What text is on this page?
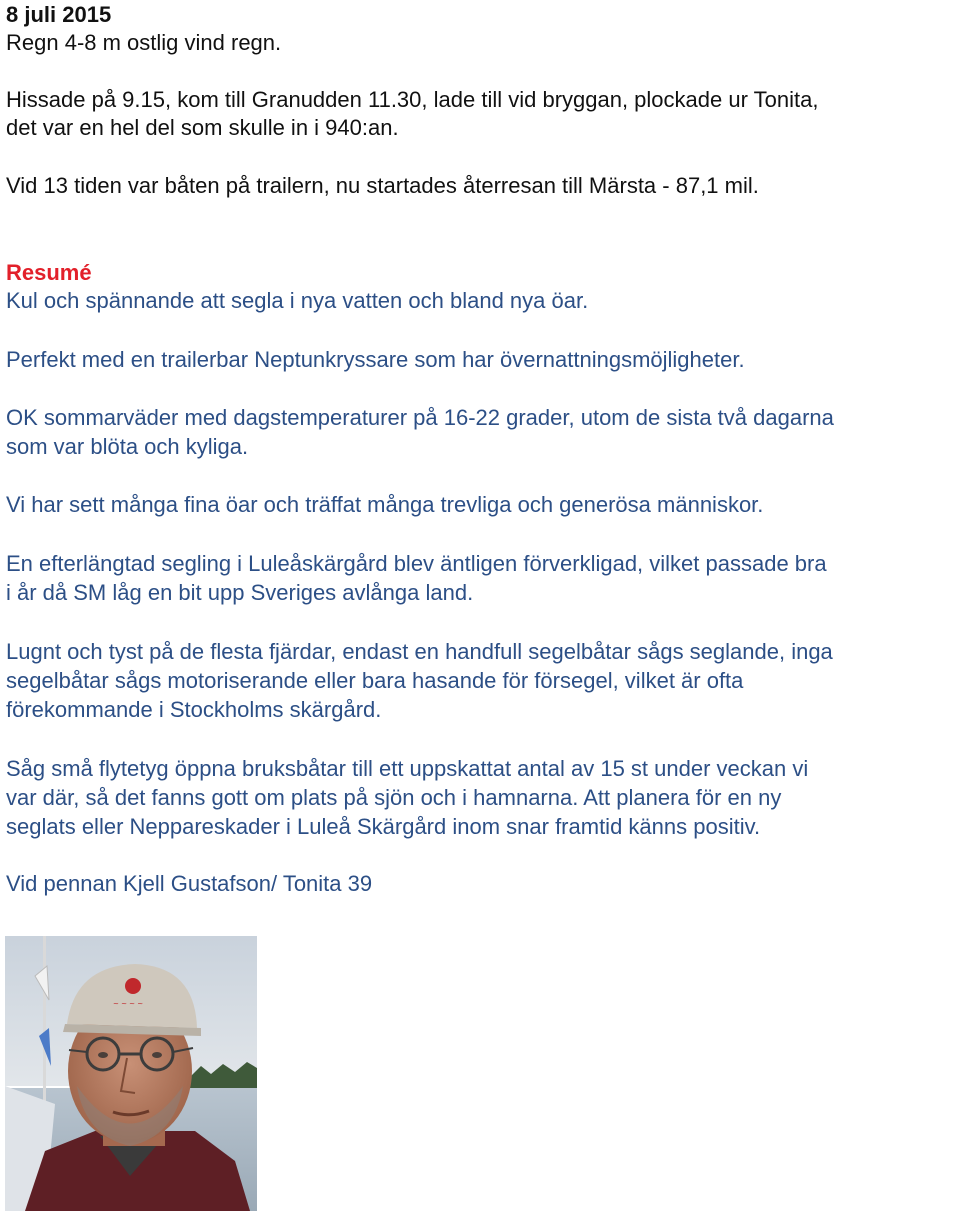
8 juli 2015

Regn 4-8 m ostlig vind regn.

Hissade på 9.15, kom till Granudden 11.30, lade till vid bryggan, plockade ur Tonita,

det var en hel del som skulle in i 940:an.

Vid 13 tiden var båten på trailern, nu startades återresan till Märsta - 87,1 mil.

Resumé

Kul och spännande att segla i nya vatten och bland nya öar.

Perfekt med en trailerbar Neptunkryssare som har övernattningsmöjligheter.

OK sommarväder med dagstemperaturer på 16-22 grader, utom de sista två dagarna

som var blöta och kyliga.

Vi har sett många fina öar och träffat många trevliga och generösa människor.

En efterlängtad segling i Luleåskärgård blev äntligen förverkligad, vilket passade bra

i år då SM låg en bit upp Sveriges avlånga land.

Lugnt och tyst på de flesta fjärdar, endast en handfull segelbåtar sågs seglande, inga

segelbåtar sågs motoriserande eller bara hasande för försegel, vilket är ofta

förekommande i Stockholms skärgård.

Såg små flytetyg öppna bruksbåtar till ett uppskattat antal av 15 st under veckan vi

var där, så det fanns gott om plats på sjön och i hamnarna. Att planera för en ny

seglats eller Neppareskader i Luleå Skärgård inom snar framtid känns positiv.

Vid pennan Kjell Gustafson/ Tonita 39

~ ~ ~ ~
